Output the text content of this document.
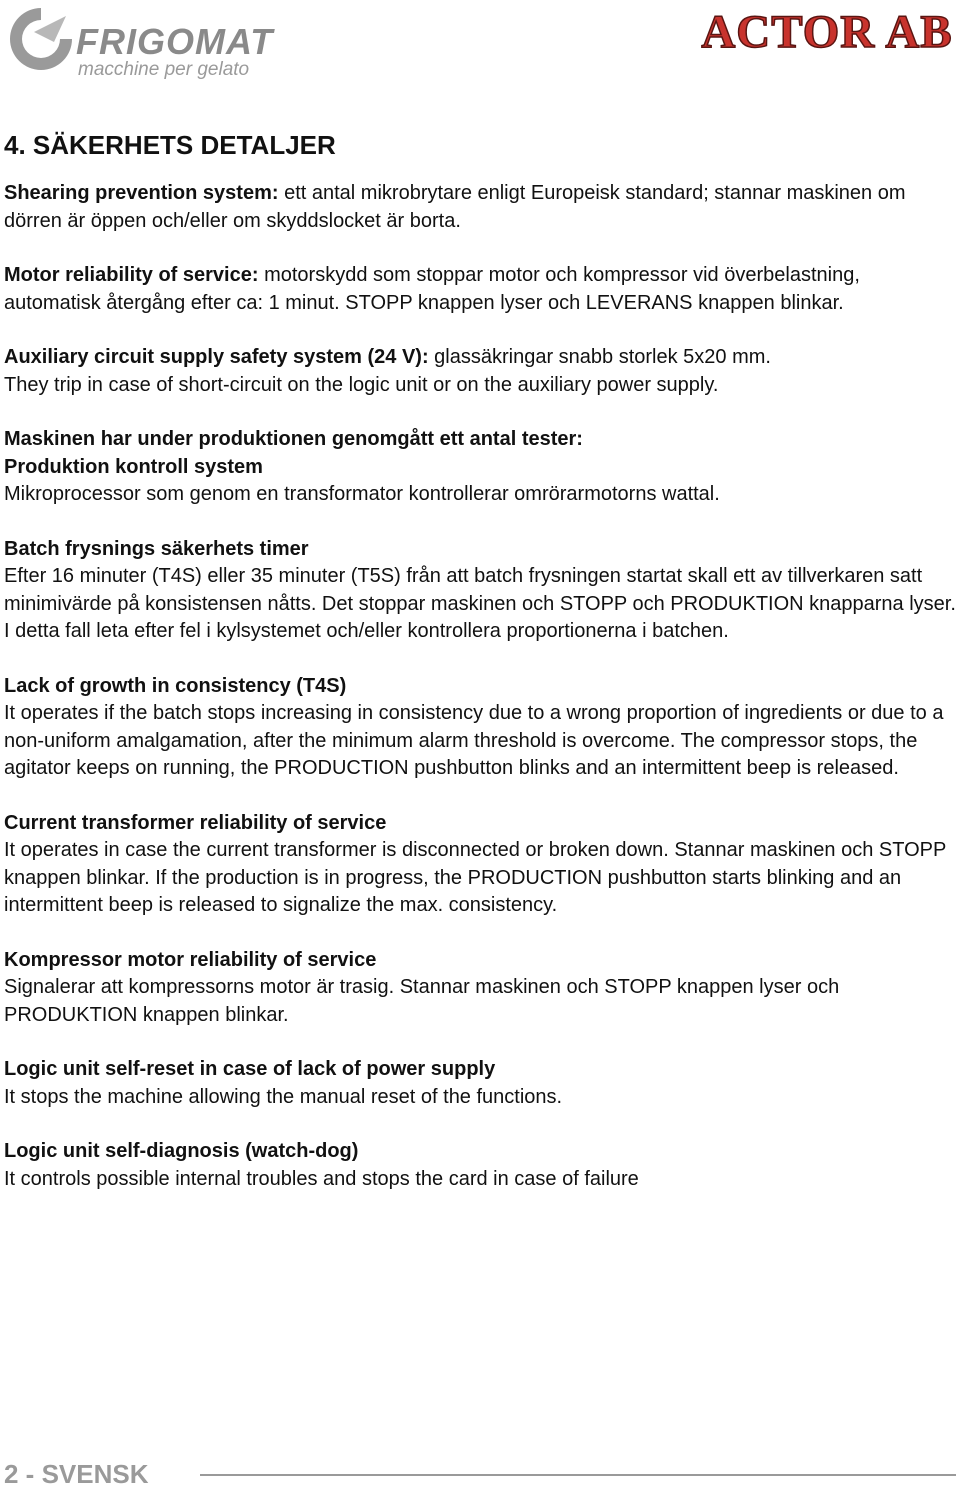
FRIGOMAT
macchine per gelato
ACTOR AB
4. SÄKERHETS DETALJER

Shearing prevention system: ett antal mikrobrytare enligt Europeisk standard; stannar maskinen om dörren är öppen och/eller om skyddslocket är borta.

Motor reliability of service: motorskydd som stoppar motor och kompressor vid överbelastning, automatisk återgång efter ca: 1 minut. STOPP knappen lyser och LEVERANS knappen blinkar.

Auxiliary circuit supply safety system (24 V): glassäkringar snabb storlek 5x20 mm.
They trip in case of short-circuit on the logic unit or on the auxiliary power supply.

Maskinen har under produktionen genomgått ett antal tester:
Produktion kontroll system
Mikroprocessor som genom en transformator kontrollerar omrörarmotorns wattal.

Batch frysnings säkerhets timer
Efter 16 minuter (T4S) eller 35 minuter (T5S) från att batch frysningen startat skall ett av tillverkaren satt minimivärde på konsistensen nåtts. Det stoppar maskinen och STOPP och PRODUKTION knapparna lyser. I detta fall leta efter fel i kylsystemet och/eller kontrollera proportionerna i batchen.

Lack of growth in consistency (T4S)
It operates if the batch stops increasing in consistency due to a wrong proportion of ingredients or due to a non-uniform amalgamation, after the minimum alarm threshold is overcome. The compressor stops, the agitator keeps on running, the PRODUCTION pushbutton blinks and an intermittent beep is released.

Current transformer reliability of service
It operates in case the current transformer is disconnected or broken down. Stannar maskinen och STOPP knappen blinkar. If the production is in progress, the PRODUCTION pushbutton starts blinking and an intermittent beep is released to signalize the max. consistency.

Kompressor motor reliability of service
Signalerar att kompressorns motor är trasig. Stannar maskinen och STOPP knappen lyser och PRODUKTION knappen blinkar.

Logic unit self-reset in case of lack of power supply
It stops the machine allowing the manual reset of the functions.

Logic unit self-diagnosis (watch-dog)
It controls possible internal troubles and stops the card in case of failure

2 - SVENSK
